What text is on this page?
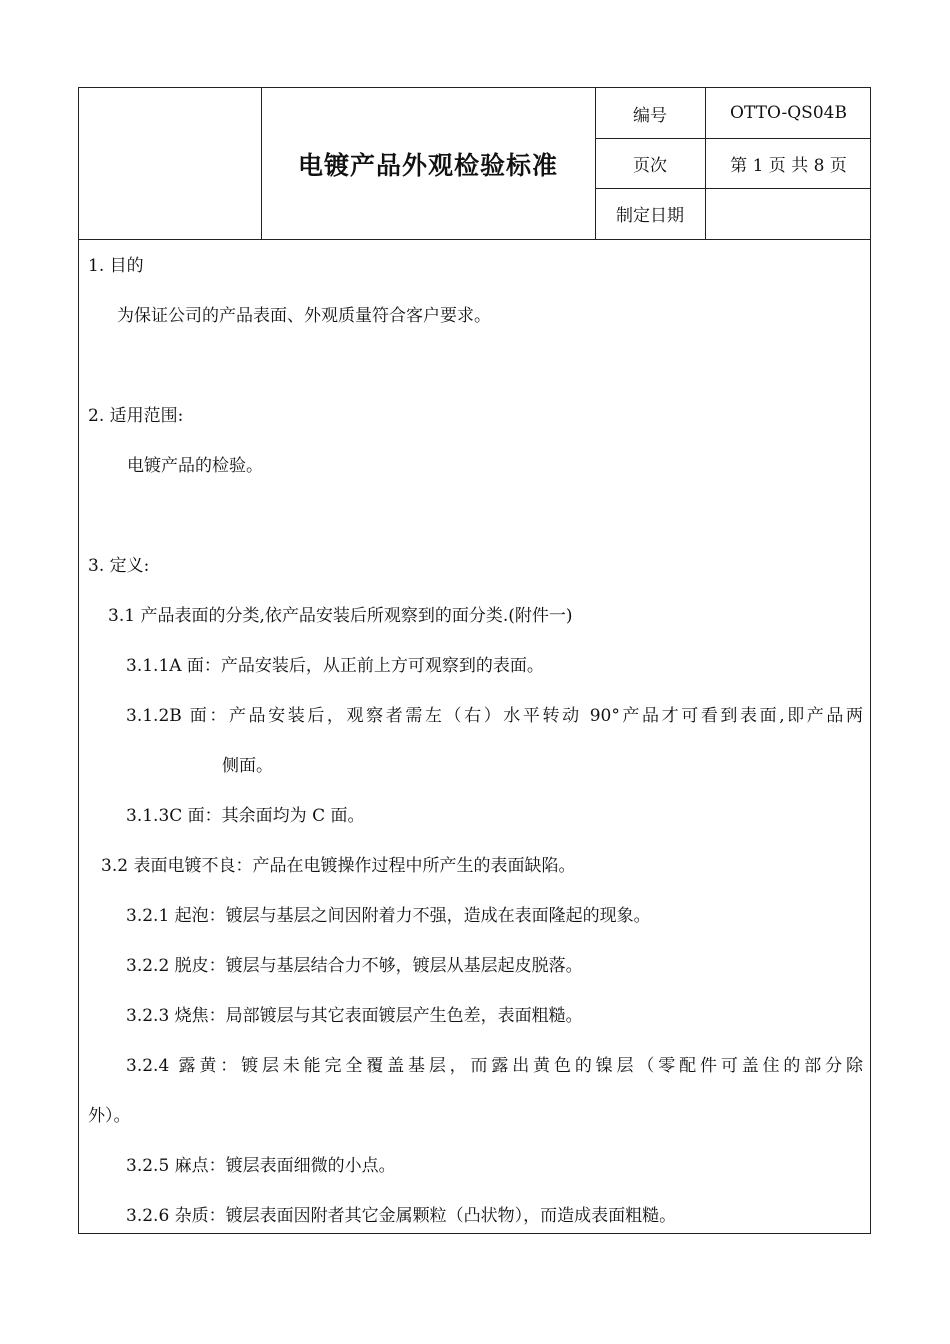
电镀产品外观检验标准
编号	OTTO-QS04B
页次	第 1 页 共 8 页
制定日期
1. 目的
为保证公司的产品表面、外观质量符合客户要求。
2. 适用范围:
电镀产品的检验。
3. 定义:
3.1 产品表面的分类,依产品安装后所观察到的面分类.(附件一)
3.1.1A 面：产品安装后，从正前上方可观察到的表面。
3.1.2B 面：产品安装后，观察者需左（右）水平转动 90°产品才可看到表面,即产品两
侧面。
3.1.3C 面：其余面均为 C 面。
3.2 表面电镀不良：产品在电镀操作过程中所产生的表面缺陷。
3.2.1 起泡：镀层与基层之间因附着力不强，造成在表面隆起的现象。
3.2.2 脱皮：镀层与基层结合力不够，镀层从基层起皮脱落。
3.2.3 烧焦：局部镀层与其它表面镀层产生色差，表面粗糙。
3.2.4 露黄：镀层未能完全覆盖基层，而露出黄色的镍层（零配件可盖住的部分除
外）。
3.2.5 麻点：镀层表面细微的小点。
3.2.6 杂质：镀层表面因附者其它金属颗粒（凸状物），而造成表面粗糙。
